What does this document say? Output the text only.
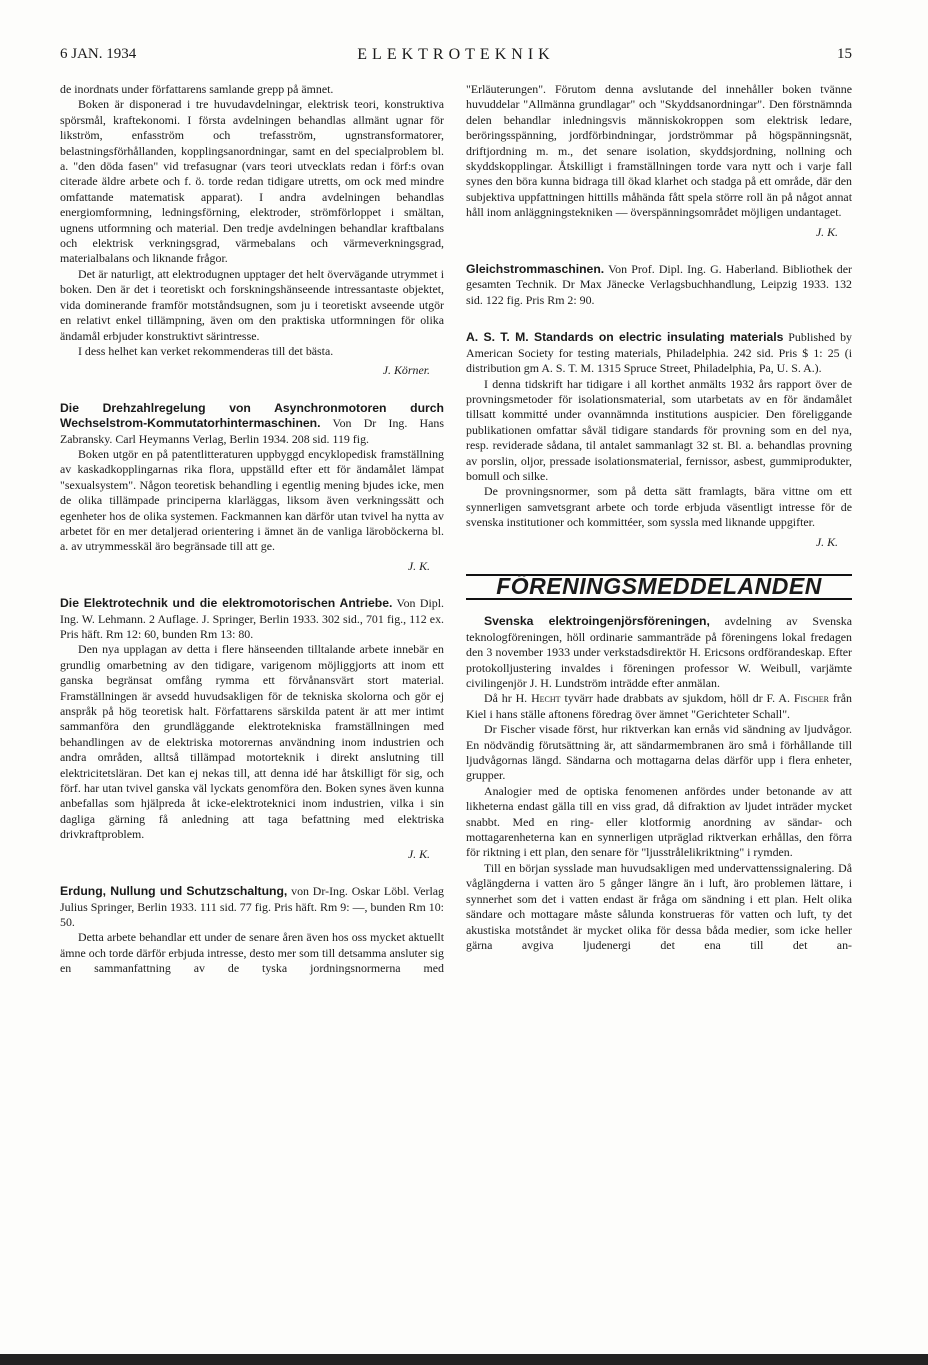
6 JAN. 1934	ELEKTROTEKNIK	15

de inordnats under författarens samlande grepp på ämnet.

Boken är disponerad i tre huvudavdelningar, elektrisk teori, konstruktiva spörsmål, kraftekonomi. I första avdelningen behandlas allmänt ugnar för likström, enfasström och trefasström, ugnstransformatorer, belastningsförhållanden, kopplingsanordningar, samt en del specialproblem bl. a. "den döda fasen" vid trefasugnar (vars teori utvecklats redan i förf:s ovan citerade äldre arbete och f. ö. torde redan tidigare utretts, om ock med mindre omfattande matematisk apparat). I andra avdelningen behandlas energiomformning, ledningsförning, elektroder, strömförloppet i smältan, ugnens utformning och material. Den tredje avdelningen behandlar kraftbalans och elektrisk verkningsgrad, värmebalans och värmeverkningsgrad, materialbalans och liknande frågor.

Det är naturligt, att elektrodugnen upptager det helt övervägande utrymmet i boken. Den är det i teoretiskt och forskningshänseende intressantaste objektet, vida dominerande framför motståndsugnen, som ju i teoretiskt avseende utgör en relativt enkel tillämpning, även om den praktiska utformningen för olika ändamål erbjuder konstruktivt särintresse.

I dess helhet kan verket rekommenderas till det bästa.

J. Körner.

Die Drehzahlregelung von Asynchronmotoren durch Wechselstrom-Kommutatorhintermaschinen. Von Dr Ing. Hans Zabransky. Carl Heymanns Verlag, Berlin 1934. 208 sid. 119 fig.

Boken utgör en på patentlitteraturen uppbyggd encyklopedisk framställning av kaskadkopplingarnas rika flora, uppställd efter ett för ändamålet lämpat "sexualsystem". Någon teoretisk behandling i egentlig mening bjudes icke, men de olika tillämpade principerna klarläggas, liksom även verkningssätt och egenheter hos de olika systemen. Fackmannen kan därför utan tvivel ha nytta av arbetet för en mer detaljerad orientering i ämnet än de vanliga läroböckerna bl. a. av utrymmesskäl äro begränsade till att ge.

J. K.

Die Elektrotechnik und die elektromotorischen Antriebe. Von Dipl. Ing. W. Lehmann. 2 Auflage. J. Springer, Berlin 1933. 302 sid., 701 fig., 112 ex. Pris häft. Rm 12: 60, bunden Rm 13: 80.

Den nya upplagan av detta i flere hänseenden tilltalande arbete innebär en grundlig omarbetning av den tidigare, varigenom möjliggjorts att inom ett ganska begränsat omfång rymma ett förvånansvärt stort material. Framställningen är avsedd huvudsakligen för de tekniska skolorna och gör ej anspråk på hög teoretisk halt. Författarens särskilda patent är att mer intimt sammanföra den grundläggande elektrotekniska framställningen med behandlingen av de elektriska motorernas användning inom industrien och andra områden, alltså tillämpad motorteknik i direkt anslutning till elektricitetsläran. Det kan ej nekas till, att denna idé har åtskilligt för sig, och förf. har utan tvivel ganska väl lyckats genomföra den. Boken synes även kunna anbefallas som hjälpreda åt icke-elektroteknici inom industrien, vilka i sin dagliga gärning få anledning att taga befattning med elektriska drivkraftproblem.

J. K.

Erdung, Nullung und Schutzschaltung, von Dr-Ing. Oskar Löbl. Verlag Julius Springer, Berlin 1933. 111 sid. 77 fig. Pris häft. Rm 9: —, bunden Rm 10: 50.

Detta arbete behandlar ett under de senare åren även hos oss mycket aktuellt ämne och torde därför erbjuda intresse, desto mer som till detsamma ansluter sig en sammanfattning av de tyska jordningsnormerna med

"Erläuterungen". Förutom denna avslutande del innehåller boken tvänne huvuddelar "Allmänna grundlagar" och "Skyddsanordningar". Den förstnämnda delen behandlar inledningsvis människokroppen som elektrisk ledare, beröringsspänning, jordförbindningar, jordströmmar på högspänningsnät, driftjordning m. m., det senare isolation, skyddsjordning, nollning och skyddskopplingar. Åtskilligt i framställningen torde vara nytt och i varje fall synes den böra kunna bidraga till ökad klarhet och stadga på ett område, där den subjektiva uppfattningen hittills måhända fått spela större roll än på något annat håll inom anläggningstekniken — överspänningsområdet möjligen undantaget.

J. K.

Gleichstrommaschinen. Von Prof. Dipl. Ing. G. Haberland. Bibliothek der gesamten Technik. Dr Max Jänecke Verlagsbuchhandlung, Leipzig 1933. 132 sid. 122 fig. Pris Rm 2: 90.

A. S. T. M. Standards on electric insulating materials Published by American Society for testing materials, Philadelphia. 242 sid. Pris $ 1: 25 (i distribution gm A. S. T. M. 1315 Spruce Street, Philadelphia, Pa, U. S. A.).

I denna tidskrift har tidigare i all korthet anmälts 1932 års rapport över de provningsmetoder för isolationsmaterial, som utarbetats av en för ändamålet tillsatt kommitté under ovannämnda institutions auspicier. Den föreliggande publikationen omfattar såväl tidigare standards för provning som en del nya, resp. reviderade sådana, til antalet sammanlagt 32 st. Bl. a. behandlas provning av porslin, oljor, pressade isolationsmaterial, fernissor, asbest, gummiprodukter, bomull och silke.

De provningsnormer, som på detta sätt framlagts, bära vittne om ett synnerligen samvetsgrant arbete och torde erbjuda väsentligt intresse för de svenska institutioner och kommittéer, som syssla med liknande uppgifter.

J. K.
FÖRENINGSMEDDELANDEN

Svenska elektroingenjörsföreningen, avdelning av Svenska teknologföreningen, höll ordinarie sammanträde på föreningens lokal fredagen den 3 november 1933 under verkstadsdirektör H. Ericsons ordförandeskap. Efter protokolljustering invaldes i föreningen professor W. Weibull, varjämte civilingenjör J. H. Lundström inträdde efter anmälan.

Då hr H. Hecht tyvärr hade drabbats av sjukdom, höll dr F. A. Fischer från Kiel i hans ställe aftonens föredrag över ämnet "Gerichteter Schall".

Dr Fischer visade först, hur riktverkan kan ernås vid sändning av ljudvågor. En nödvändig förutsättning är, att sändarmembranen äro små i förhållande till ljudvågornas längd. Sändarna och mottagarna delas därför upp i flera enheter, grupper.

Analogier med de optiska fenomenen anfördes under betonande av att likheterna endast gälla till en viss grad, då difraktion av ljudet inträder mycket snabbt. Med en ring- eller klotformig anordning av sändar- och mottagarenheterna kan en synnerligen utpräglad riktverkan erhållas, den förra för riktning i ett plan, den senare för "ljusstrålelikriktning" i rymden.

Till en början sysslade man huvudsakligen med undervattenssignalering. Då våglängderna i vatten äro 5 gånger längre än i luft, äro problemen lättare, i synnerhet som det i vatten endast är fråga om sändning i ett plan. Helt olika sändare och mottagare måste sålunda konstrueras för vatten och luft, ty det akustiska motståndet är mycket olika för dessa båda medier, som icke heller gärna avgiva ljudenergi det ena till det an-
